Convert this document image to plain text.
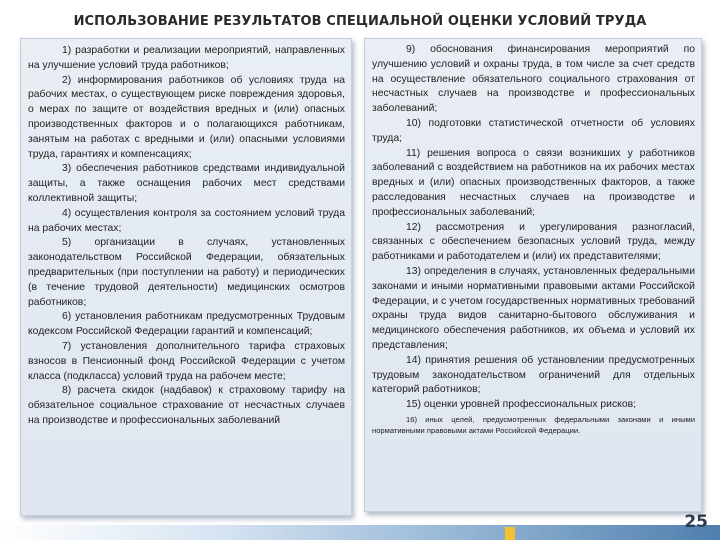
ИСПОЛЬЗОВАНИЕ РЕЗУЛЬТАТОВ СПЕЦИАЛЬНОЙ ОЦЕНКИ УСЛОВИЙ ТРУДА

1) разработки и реализации мероприятий, направленных на улучшение условий труда работников;

2) информирования работников об условиях труда на рабочих местах, о существующем риске повреждения здоровья, о мерах по защите от воздействия вредных и (или) опасных производственных факторов и о полагающихся работникам, занятым на работах с вредными и (или) опасными условиями труда, гарантиях и компенсациях;

3) обеспечения работников средствами индивидуальной защиты, а также оснащения рабочих мест средствами коллективной защиты;

4) осуществления контроля за состоянием условий труда на рабочих местах;

5) организации в случаях, установленных законодательством Российской Федерации, обязательных предварительных (при поступлении на работу) и периодических (в течение трудовой деятельности) медицинских осмотров работников;

6) установления работникам предусмотренных Трудовым кодексом Российской Федерации гарантий и компенсаций;

7) установления дополнительного тарифа страховых взносов в Пенсионный фонд Российской Федерации с учетом класса (подкласса) условий труда на рабочем месте;

8) расчета скидок (надбавок) к страховому тарифу на обязательное социальное страхование от несчастных случаев на производстве и профессиональных заболеваний

9) обоснования финансирования мероприятий по улучшению условий и охраны труда, в том числе за счет средств на осуществление обязательного социального страхования от несчастных случаев на производстве и профессиональных заболеваний;

10) подготовки статистической отчетности об условиях труда;

11) решения вопроса о связи возникших у работников заболеваний с воздействием на работников на их рабочих местах вредных и (или) опасных производственных факторов, а также расследования несчастных случаев на производстве и профессиональных заболеваний;

12) рассмотрения и урегулирования разногласий, связанных с обеспечением безопасных условий труда, между работниками и работодателем и (или) их представителями;

13) определения в случаях, установленных федеральными законами и иными нормативными правовыми актами Российской Федерации, и с учетом государственных нормативных требований охраны труда видов санитарно-бытового обслуживания и медицинского обеспечения работников, их объема и условий их представления;

14) принятия решения об установлении предусмотренных трудовым законодательством ограничений для отдельных категорий работников;

15) оценки уровней профессиональных рисков;

16) иных целей, предусмотренных федеральными законами и иными нормативными правовыми актами Российской Федерации.

25
